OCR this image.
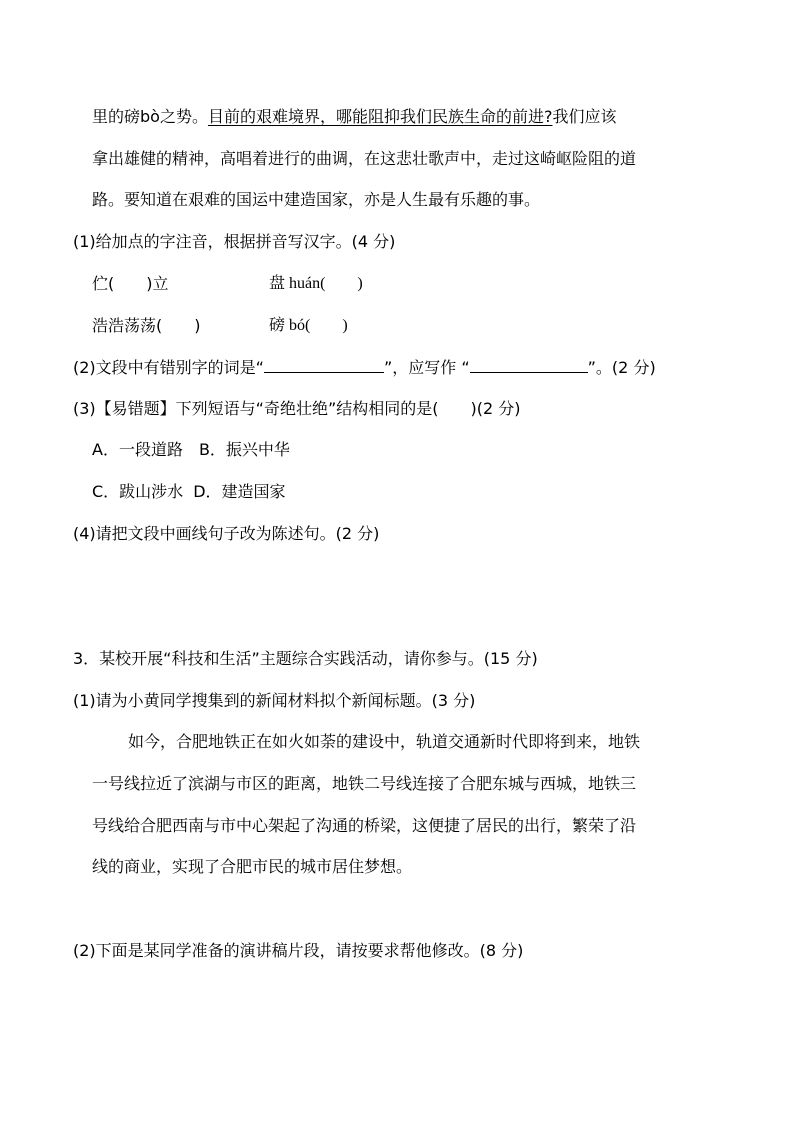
里的磅bò之势。目前的艰难境界，哪能阻抑我们民族生命的前进?我们应该
拿出雄健的精神，高唱着进行的曲调，在这悲壮歌声中，走过这崎岖险阻的道
路。要知道在艰难的国运中建造国家，亦是人生最有乐趣的事。
(1)给加点的字注音，根据拼音写汉字。(4 分)
伫(　　)立	盘 huán(　　)
浩浩荡荡(　　)	磅 bó(　　)
(2)文段中有错别字的词是“	”，应写作 “	”。(2 分)
(3)【易错题】下列短语与“奇绝壮绝”结构相同的是(　　)(2 分)
A．一段道路 B．振兴中华
C．跋山涉水 D．建造国家
(4)请把文段中画线句子改为陈述句。(2 分)
3．某校开展“科技和生活”主题综合实践活动，请你参与。(15 分)
(1)请为小黄同学搜集到的新闻材料拟个新闻标题。(3 分)
如今，合肥地铁正在如火如荼的建设中，轨道交通新时代即将到来，地铁
一号线拉近了滨湖与市区的距离，地铁二号线连接了合肥东城与西城，地铁三
号线给合肥西南与市中心架起了沟通的桥梁，这便捷了居民的出行，繁荣了沿
线的商业，实现了合肥市民的城市居住梦想。
(2)下面是某同学准备的演讲稿片段，请按要求帮他修改。(8 分)
